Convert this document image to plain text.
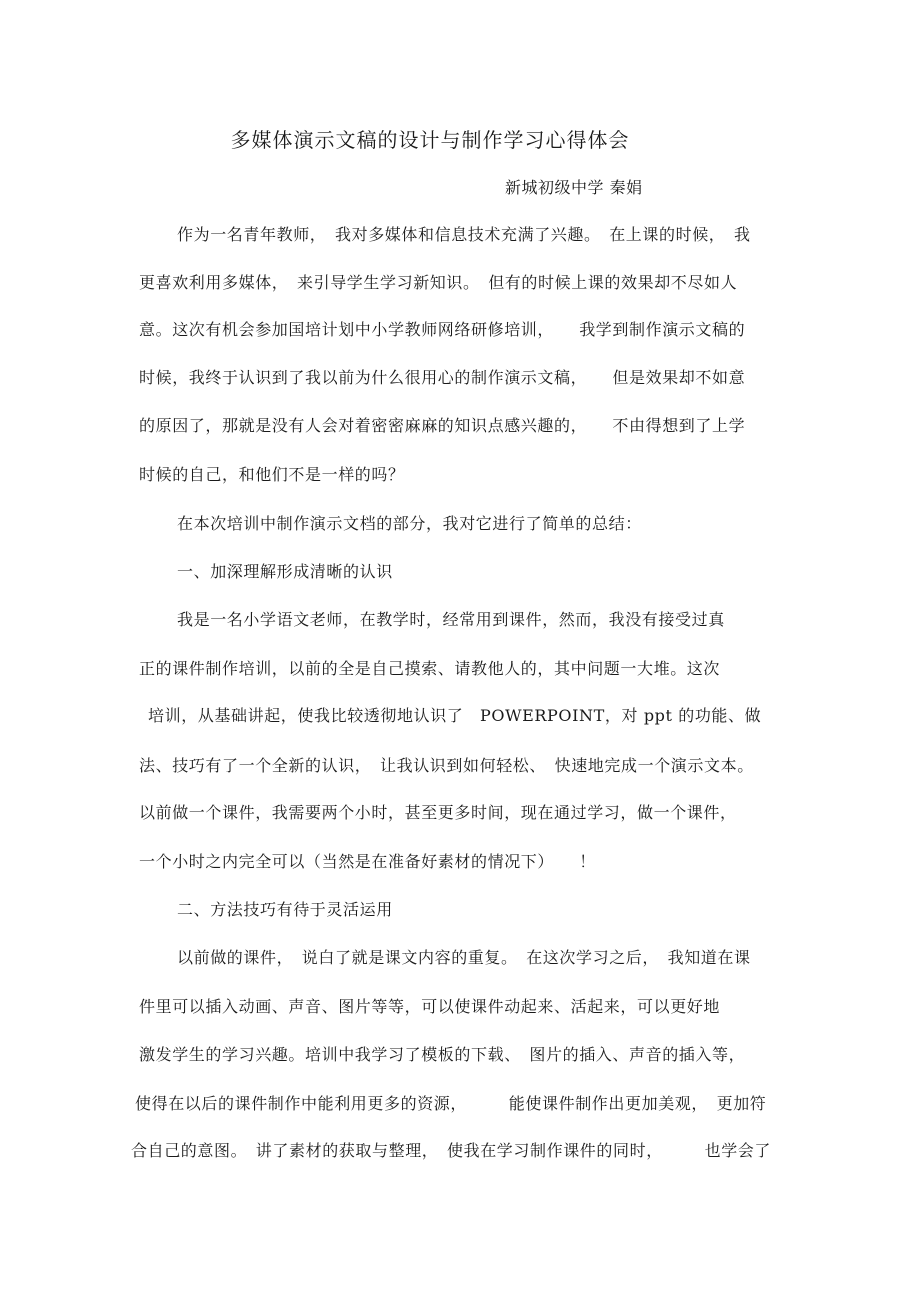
多媒体演示文稿的设计与制作学习心得体会
新城初级中学 秦娟
作为一名青年教师，　我对多媒体和信息技术充满了兴趣。　在上课的时候，　我
更喜欢利用多媒体，　来引导学生学习新知识。　但有的时候上课的效果却不尽如人
意。这次有机会参加国培计划中小学教师网络研修培训，　　我学到制作演示文稿的
时候，我终于认识到了我以前为什么很用心的制作演示文稿，　　但是效果却不如意
的原因了，那就是没有人会对着密密麻麻的知识点感兴趣的，　　不由得想到了上学
时候的自己，和他们不是一样的吗？
在本次培训中制作演示文档的部分，我对它进行了简单的总结：
一、加深理解形成清晰的认识
我是一名小学语文老师，在教学时，经常用到课件，然而，我没有接受过真
正的课件制作培训，以前的全是自己摸索、请教他人的，其中问题一大堆。这次
培训，从基础讲起，使我比较透彻地认识了　POWERPOINT，对 ppt 的功能、做
法、技巧有了一个全新的认识，　让我认识到如何轻松、　快速地完成一个演示文本。
以前做一个课件，我需要两个小时，甚至更多时间，现在通过学习，做一个课件，
一个小时之内完全可以（当然是在准备好素材的情况下）　　！
二、方法技巧有待于灵活运用
以前做的课件，　说白了就是课文内容的重复。　在这次学习之后，　我知道在课
件里可以插入动画、声音、图片等等，可以使课件动起来、活起来，可以更好地
激发学生的学习兴趣。培训中我学习了模板的下载、　图片的插入、声音的插入等，
使得在以后的课件制作中能利用更多的资源，　　　能使课件制作出更加美观，　更加符
合自己的意图。　讲了素材的获取与整理，　使我在学习制作课件的同时，　　　也学会了
